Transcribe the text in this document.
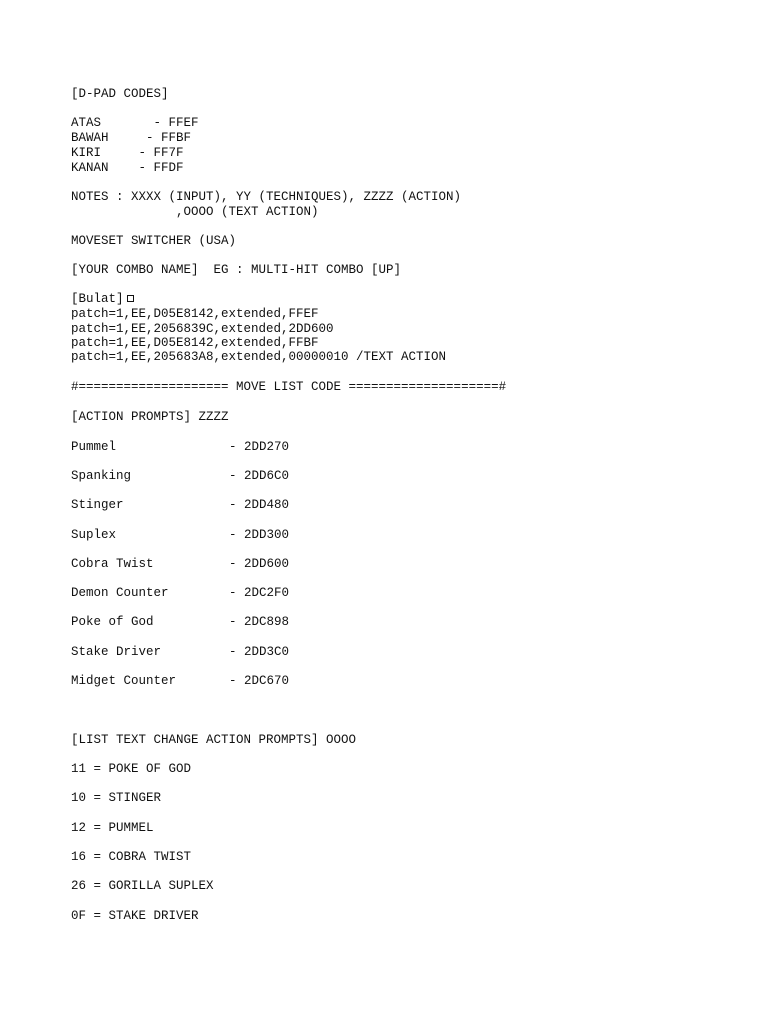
[D-PAD CODES]
ATAS       - FFEF
BAWAH     - FFBF
KIRI     - FF7F
KANAN    - FFDF
NOTES : XXXX (INPUT), YY (TECHNIQUES), ZZZZ (ACTION)
,OOOO (TEXT ACTION)
MOVESET SWITCHER (USA)
[YOUR COMBO NAME]  EG : MULTI-HIT COMBO [UP]
[Bulat]
patch=1,EE,D05E8142,extended,FFEF
patch=1,EE,2056839C,extended,2DD600
patch=1,EE,D05E8142,extended,FFBF
patch=1,EE,205683A8,extended,00000010 /TEXT ACTION
#==================== MOVE LIST CODE ====================#
[ACTION PROMPTS] ZZZZ
Pummel	- 2DD270
Spanking	- 2DD6C0
Stinger	- 2DD480
Suplex	- 2DD300
Cobra Twist	- 2DD600
Demon Counter	- 2DC2F0
Poke of God	- 2DC898
Stake Driver	- 2DD3C0
Midget Counter	- 2DC670
[LIST TEXT CHANGE ACTION PROMPTS] OOOO
11 = POKE OF GOD
10 = STINGER
12 = PUMMEL
16 = COBRA TWIST
26 = GORILLA SUPLEX
0F = STAKE DRIVER
